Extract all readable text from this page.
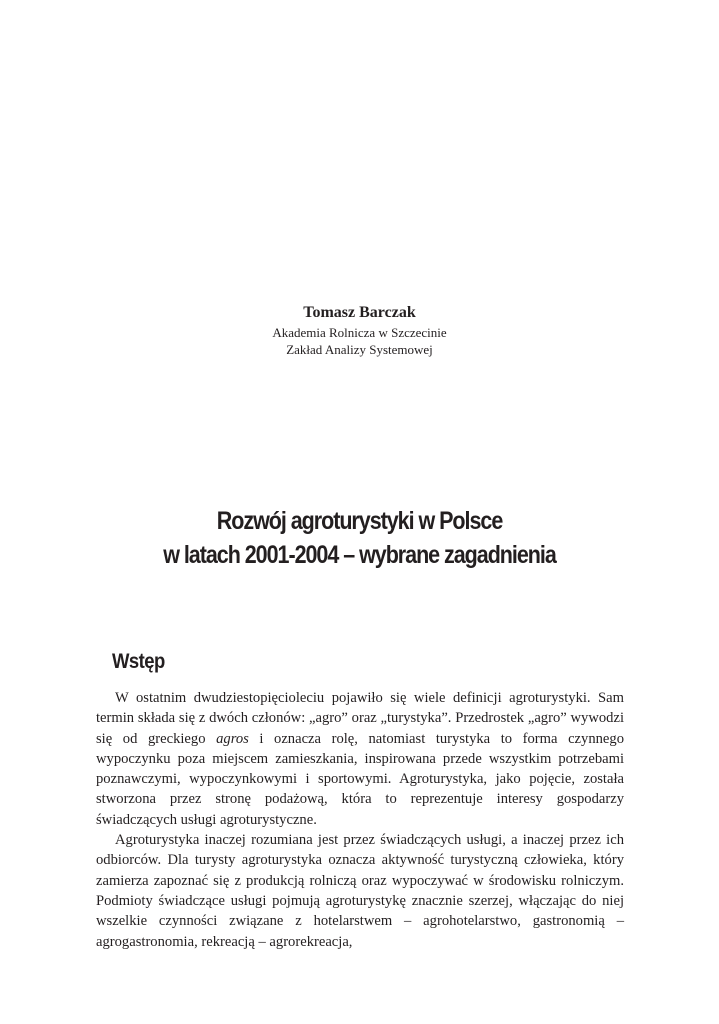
Tomasz Barczak

Akademia Rolnicza w Szczecinie

Zakład Analizy Systemowej

Rozwój agroturystyki w Polsce

w latach 2001-2004 – wybrane zagadnienia

Wstęp

W ostatnim dwudziestopięcioleciu pojawiło się wiele definicji agroturystyki. Sam termin składa się z dwóch członów: „agro” oraz „turystyka”. Przedrostek „agro” wywodzi się od greckiego agros i oznacza rolę, natomiast turystyka to forma czynnego wypoczynku poza miejscem zamieszkania, inspirowana przede wszystkim potrzebami poznawczymi, wypoczynkowymi i sportowymi. Agroturystyka, jako pojęcie, została stworzona przez stronę podażową, która to reprezentuje interesy gospodarzy świadczących usługi agroturystyczne.

Agroturystyka inaczej rozumiana jest przez świadczących usługi, a inaczej przez ich odbiorców. Dla turysty agroturystyka oznacza aktywność turystyczną człowieka, który zamierza zapoznać się z produkcją rolniczą oraz wypoczywać w środowisku rolniczym. Podmioty świadczące usługi pojmują agroturystykę znacznie szerzej, włączając do niej wszelkie czynności związane z hotelarstwem – agrohotelarstwo, gastronomią – agrogastronomia, rekreacją – agrorekreacja,
